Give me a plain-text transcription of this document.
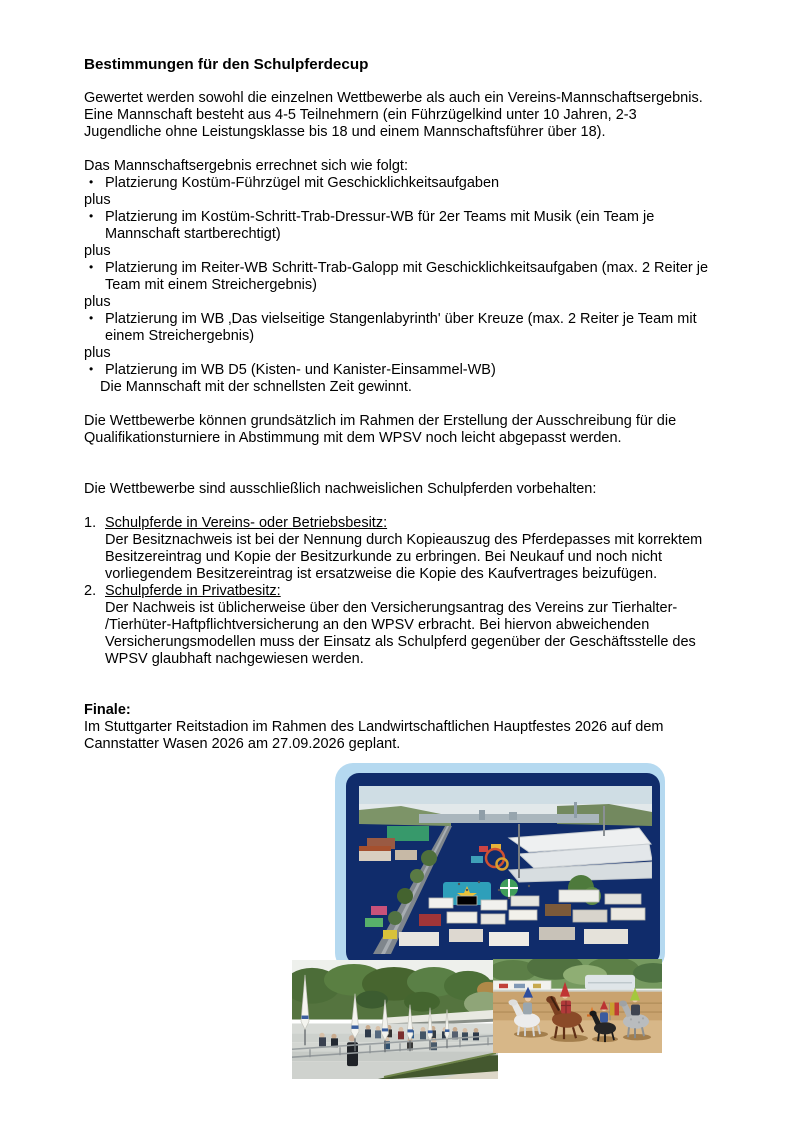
Bestimmungen für den Schulpferdecup
Gewertet werden sowohl die einzelnen Wettbewerbe als auch ein Vereins-Mannschaftsergebnis.
Eine Mannschaft besteht aus 4-5 Teilnehmern (ein Führzügelkind unter 10 Jahren, 2-3
Jugendliche ohne Leistungsklasse bis 18 und einem Mannschaftsführer über 18).
Das Mannschaftsergebnis errechnet sich wie folgt:
• Platzierung Kostüm-Führzügel mit Geschicklichkeitsaufgaben
plus
• Platzierung im Kostüm-Schritt-Trab-Dressur-WB für 2er Teams mit Musik (ein Team je
Mannschaft startberechtigt)
plus
• Platzierung im Reiter-WB Schritt-Trab-Galopp mit Geschicklichkeitsaufgaben (max. 2 Reiter je
Team mit einem Streichergebnis)
plus
• Platzierung im WB ‚Das vielseitige Stangenlabyrinth' über Kreuze (max. 2 Reiter je Team mit
einem Streichergebnis)
plus
• Platzierung im WB D5 (Kisten- und Kanister-Einsammel-WB)
Die Mannschaft mit der schnellsten Zeit gewinnt.
Die Wettbewerbe können grundsätzlich im Rahmen der Erstellung der Ausschreibung für die
Qualifikationsturniere in Abstimmung mit dem WPSV noch leicht abgepasst werden.
Die Wettbewerbe sind ausschließlich nachweislichen Schulpferden vorbehalten:
1. Schulpferde in Vereins- oder Betriebsbesitz:
Der Besitznachweis ist bei der Nennung durch Kopieauszug des Pferdepasses mit korrektem
Besitzereintrag und Kopie der Besitzurkunde zu erbringen. Bei Neukauf und noch nicht
vorliegendem Besitzereintrag ist ersatzweise die Kopie des Kaufvertrages beizufügen.
2. Schulpferde in Privatbesitz:
Der Nachweis ist üblicherweise über den Versicherungsantrag des Vereins zur Tierhalter-
/Tierhüter-Haftpflichtversicherung an den WPSV erbracht. Bei hiervon abweichenden
Versicherungsmodellen muss der Einsatz als Schulpferd gegenüber der Geschäftsstelle des
WPSV glaubhaft nachgewiesen werden.
Finale:
Im Stuttgarter Reitstadion im Rahmen des Landwirtschaftlichen Hauptfestes 2026 auf dem
Cannstatter Wasen 2026 am 27.09.2026 geplant.
